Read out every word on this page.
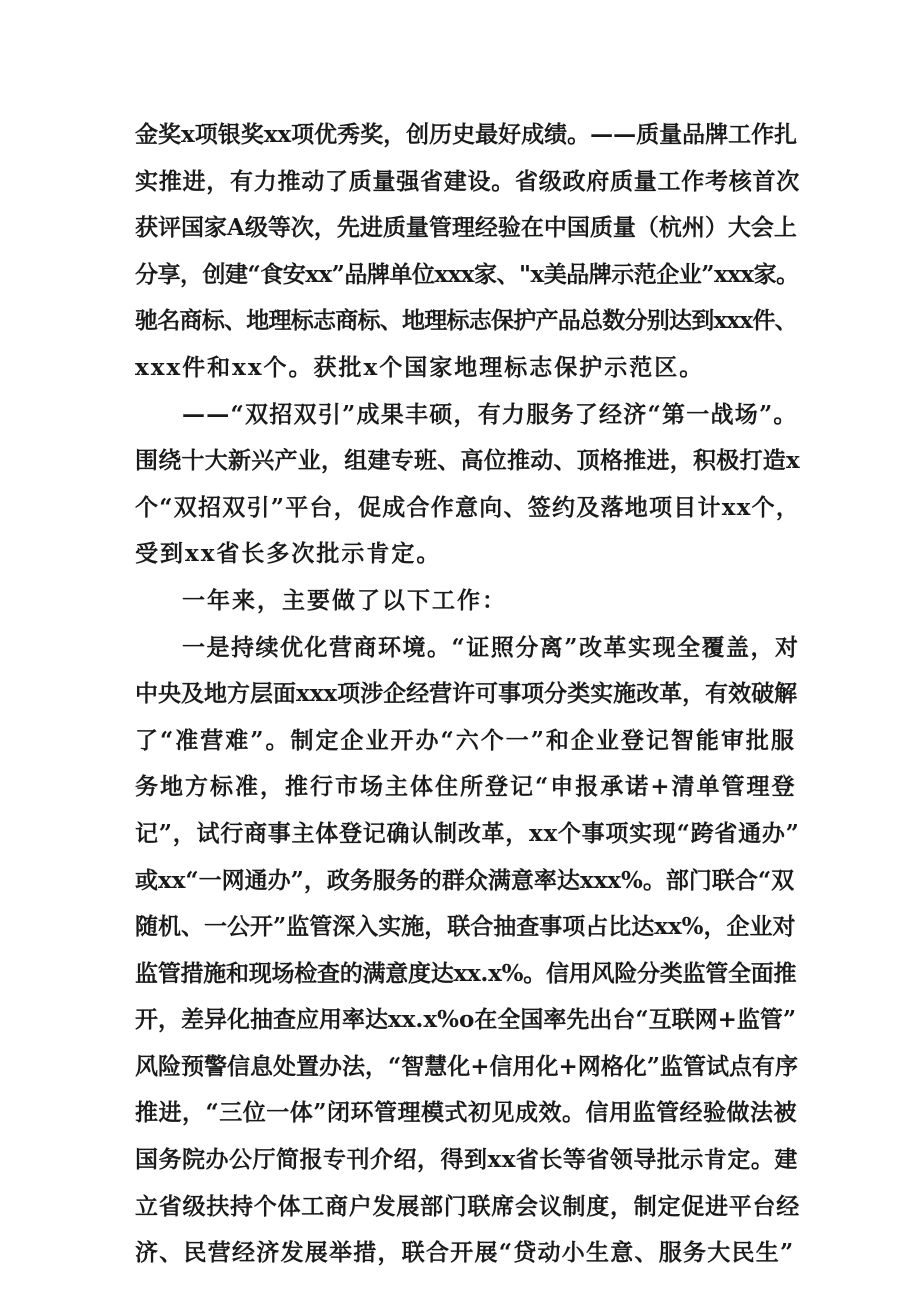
金奖x项银奖xx项优秀奖，创历史最好成绩。——质量品牌工作扎
实推进，有力推动了质量强省建设。省级政府质量工作考核首次
获评国家A级等次，先进质量管理经验在中国质量（杭州）大会上
分享，创建“食安xx”品牌单位xxx家、"x美品牌示范企业”xxx家。
驰名商标、地理标志商标、地理标志保护产品总数分别达到xxx件、
xxx件和xx个。获批x个国家地理标志保护示范区。
——“双招双引”成果丰硕，有力服务了经济“第一战场”。
围绕十大新兴产业，组建专班、高位推动、顶格推进，积极打造x
个“双招双引”平台，促成合作意向、签约及落地项目计xx个，
受到xx省长多次批示肯定。
一年来，主要做了以下工作：
一是持续优化营商环境。“证照分离”改革实现全覆盖，对
中央及地方层面xxx项涉企经营许可事项分类实施改革，有效破解
了“准营难”。制定企业开办“六个一”和企业登记智能审批服
务地方标准，推行市场主体住所登记“申报承诺+清单管理登
记”，试行商事主体登记确认制改革，xx个事项实现“跨省通办”
或xx“一网通办”，政务服务的群众满意率达xxx%。部门联合“双
随机、一公开”监管深入实施，联合抽查事项占比达xx%，企业对
监管措施和现场检查的满意度达xx.x%。信用风险分类监管全面推
开，差异化抽查应用率达xx.x%o在全国率先出台“互联网+监管”
风险预警信息处置办法，“智慧化+信用化+网格化”监管试点有序
推进，“三位一体”闭环管理模式初见成效。信用监管经验做法被
国务院办公厅简报专刊介绍，得到xx省长等省领导批示肯定。建
立省级扶持个体工商户发展部门联席会议制度，制定促进平台经
济、民营经济发展举措，联合开展“贷动小生意、服务大民生”
